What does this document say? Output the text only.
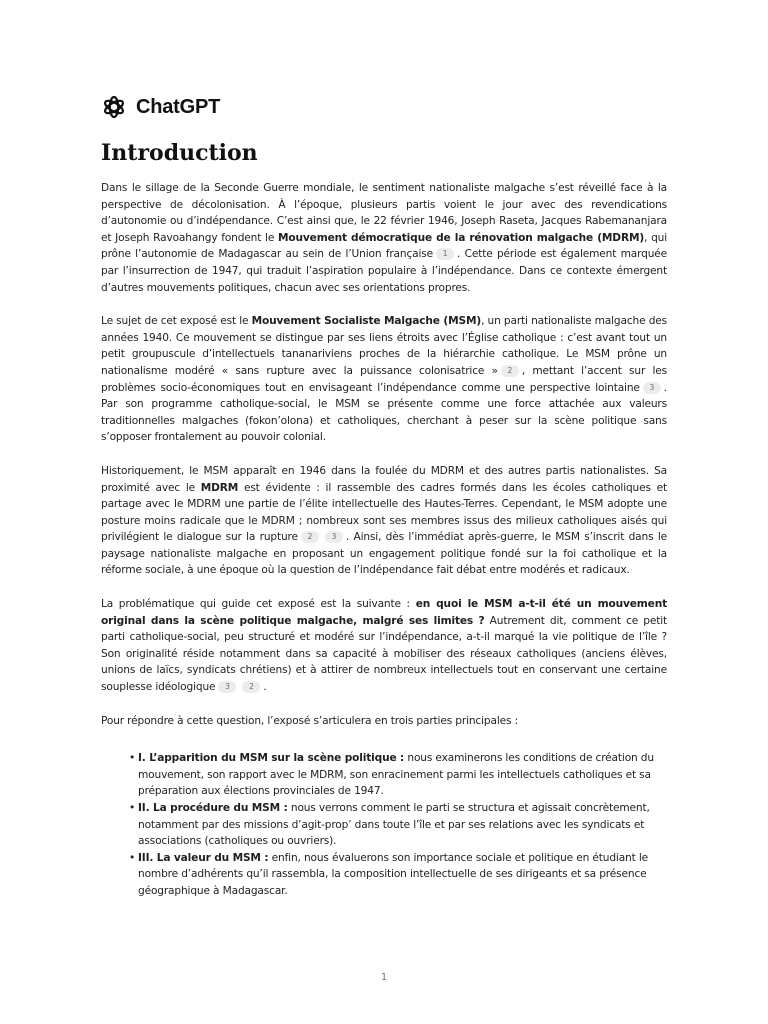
ChatGPT
Introduction

Dans le sillage de la Seconde Guerre mondiale, le sentiment nationaliste malgache s’est réveillé face à la perspective de décolonisation. À l’époque, plusieurs partis voient le jour avec des revendications d’autonomie ou d’indépendance. C’est ainsi que, le 22 février 1946, Joseph Raseta, Jacques Rabemananjara et Joseph Ravoahangy fondent le Mouvement démocratique de la rénovation malgache (MDRM), qui prône l’autonomie de Madagascar au sein de l’Union française 1 . Cette période est également marquée par l’insurrection de 1947, qui traduit l’aspiration populaire à l’indépendance. Dans ce contexte émergent d’autres mouvements politiques, chacun avec ses orientations propres.

Le sujet de cet exposé est le Mouvement Socialiste Malgache (MSM), un parti nationaliste malgache des années 1940. Ce mouvement se distingue par ses liens étroits avec l’Église catholique : c’est avant tout un petit groupuscule d’intellectuels tananariviens proches de la hiérarchie catholique. Le MSM prône un nationalisme modéré « sans rupture avec la puissance colonisatrice » 2 , mettant l’accent sur les problèmes socio-économiques tout en envisageant l’indépendance comme une perspective lointaine 3 . Par son programme catholique-social, le MSM se présente comme une force attachée aux valeurs traditionnelles malgaches (fokon’olona) et catholiques, cherchant à peser sur la scène politique sans s’opposer frontalement au pouvoir colonial.

Historiquement, le MSM apparaît en 1946 dans la foulée du MDRM et des autres partis nationalistes. Sa proximité avec le MDRM est évidente : il rassemble des cadres formés dans les écoles catholiques et partage avec le MDRM une partie de l’élite intellectuelle des Hautes-Terres. Cependant, le MSM adopte une posture moins radicale que le MDRM ; nombreux sont ses membres issus des milieux catholiques aisés qui privilégient le dialogue sur la rupture 2	3 . Ainsi, dès l’immédiat après-guerre, le MSM s’inscrit dans le paysage nationaliste malgache en proposant un engagement politique fondé sur la foi catholique et la réforme sociale, à une époque où la question de l’indépendance fait débat entre modérés et radicaux.

La problématique qui guide cet exposé est la suivante : en quoi le MSM a-t-il été un mouvement original dans la scène politique malgache, malgré ses limites ? Autrement dit, comment ce petit parti catholique-social, peu structuré et modéré sur l’indépendance, a-t-il marqué la vie politique de l’île ? Son originalité réside notamment dans sa capacité à mobiliser des réseaux catholiques (anciens élèves, unions de laïcs, syndicats chrétiens) et à attirer de nombreux intellectuels tout en conservant une certaine souplesse idéologique 3	2 .

Pour répondre à cette question, l’exposé s’articulera en trois parties principales :

• I. L’apparition du MSM sur la scène politique : nous examinerons les conditions de création du mouvement, son rapport avec le MDRM, son enracinement parmi les intellectuels catholiques et sa préparation aux élections provinciales de 1947.
• II. La procédure du MSM : nous verrons comment le parti se structura et agissait concrètement, notamment par des missions d’agit-prop’ dans toute l’île et par ses relations avec les syndicats et associations (catholiques ou ouvriers).
• III. La valeur du MSM : enfin, nous évaluerons son importance sociale et politique en étudiant le nombre d’adhérents qu’il rassembla, la composition intellectuelle de ses dirigeants et sa présence géographique à Madagascar.
1
